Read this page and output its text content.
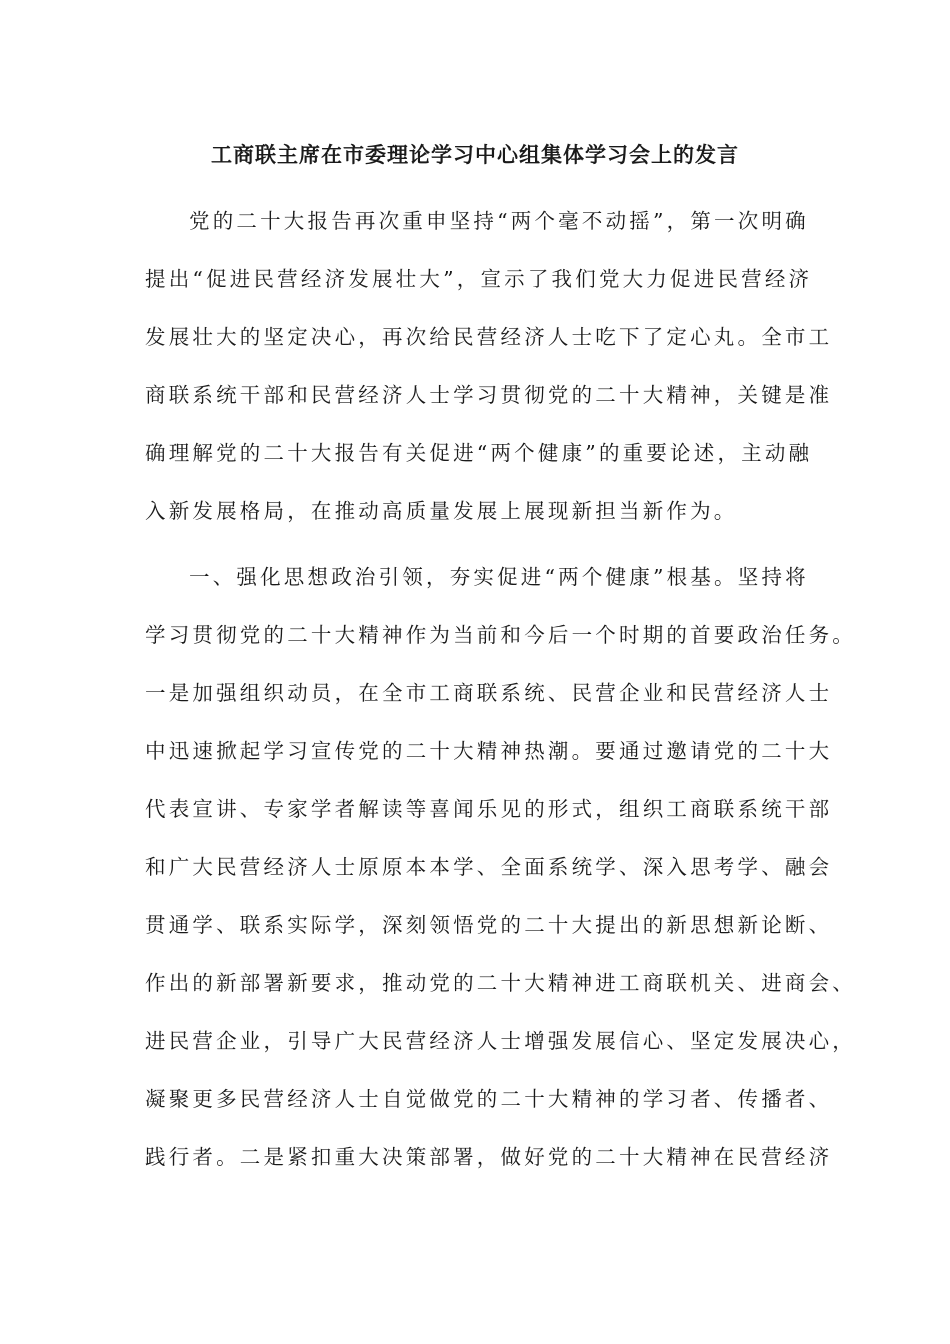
工商联主席在市委理论学习中心组集体学习会上的发言
党的二十大报告再次重申坚持“两个毫不动摇”，第一次明确
提出“促进民营经济发展壮大”，宣示了我们党大力促进民营经济
发展壮大的坚定决心，再次给民营经济人士吃下了定心丸。全市工
商联系统干部和民营经济人士学习贯彻党的二十大精神，关键是准
确理解党的二十大报告有关促进“两个健康”的重要论述，主动融
入新发展格局，在推动高质量发展上展现新担当新作为。
一、强化思想政治引领，夯实促进“两个健康”根基。坚持将
学习贯彻党的二十大精神作为当前和今后一个时期的首要政治任务。
一是加强组织动员，在全市工商联系统、民营企业和民营经济人士
中迅速掀起学习宣传党的二十大精神热潮。要通过邀请党的二十大
代表宣讲、专家学者解读等喜闻乐见的形式，组织工商联系统干部
和广大民营经济人士原原本本学、全面系统学、深入思考学、融会
贯通学、联系实际学，深刻领悟党的二十大提出的新思想新论断、
作出的新部署新要求，推动党的二十大精神进工商联机关、进商会、
进民营企业，引导广大民营经济人士增强发展信心、坚定发展决心，
凝聚更多民营经济人士自觉做党的二十大精神的学习者、传播者、
践行者。二是紧扣重大决策部署，做好党的二十大精神在民营经济
